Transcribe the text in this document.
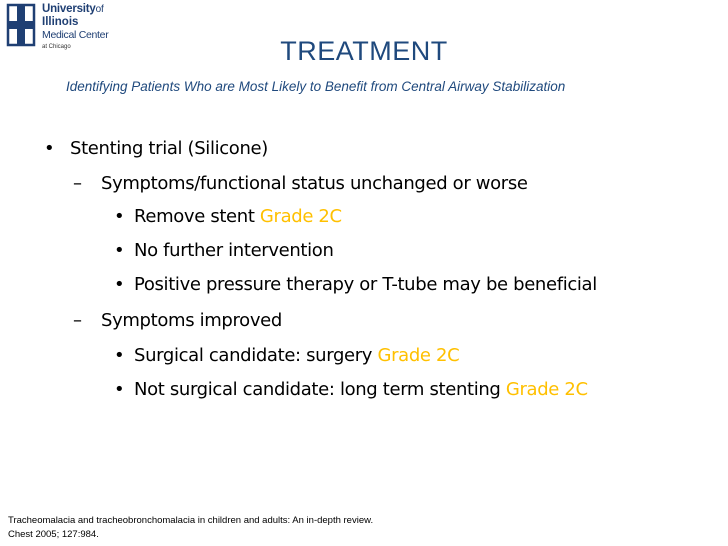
Universityof
Illinois
Medical Center
at Chicago	TREATMENT
Identifying Patients Who are Most Likely to Benefit from Central Airway Stabilization
• Stenting trial (Silicone)
– Symptoms/functional status unchanged or worse
• Remove stent Grade 2C
• No further intervention
• Positive pressure therapy or T-tube may be beneficial
– Symptoms improved
• Surgical candidate: surgery Grade 2C
• Not surgical candidate: long term stenting Grade 2C
Tracheomalacia and tracheobronchomalacia in children and adults: An in-depth review.
Chest 2005; 127:984.
